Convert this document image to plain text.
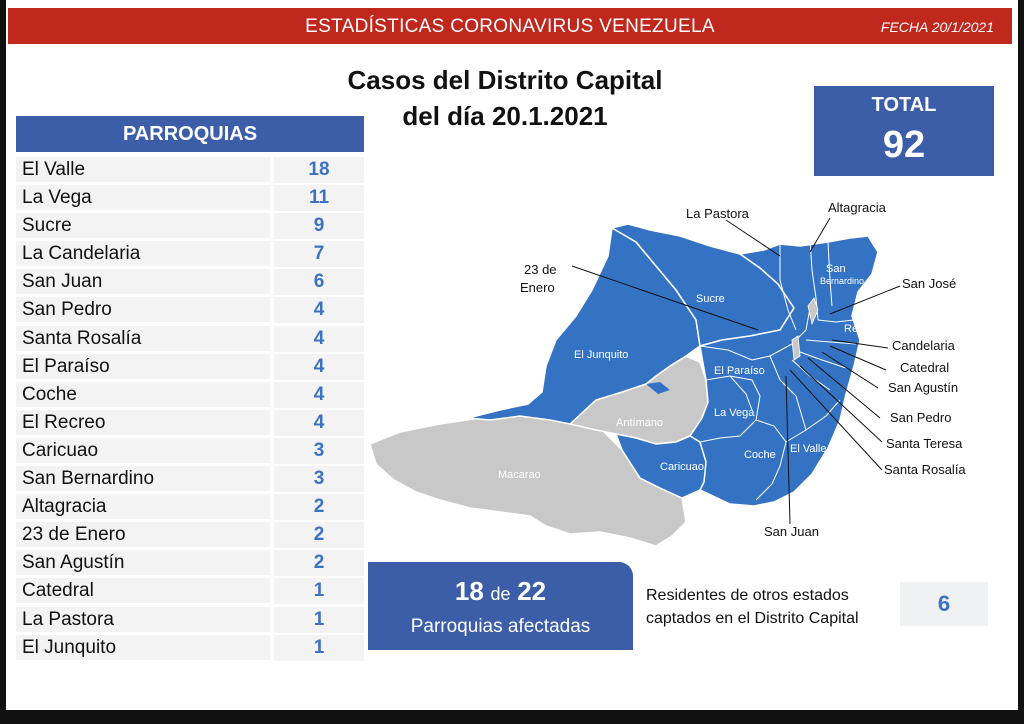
ESTADÍSTICAS CORONAVIRUS VENEZUELA	FECHA 20/1/2021
Casos del Distrito Capital
del día 20.1.2021	TOTAL
92
PARROQUIAS
El Valle	18
La Vega	11
Sucre	9
La Candelaria	7
San Juan	6
San Pedro	4
Santa Rosalía	4
El Paraíso	4
Coche	4
El Recreo	4
Caricuao	3
San Bernardino	3
Altagracia	2
23 de Enero	2
San Agustín	2
Catedral	1
La Pastora	1
El Junquito	1
Sucre
El Junquito
Antímano
Macarao
El Paraíso
La Vega
Caricuao
Coche El Valle
San
Bernardino
El
Recreo
La Pastora	Altagracia
23 de
Enero	San José
Candelaria
Catedral
San Agustín
San Pedro
Santa Teresa
Santa Rosalía
San Juan
18 de 22
Parroquias afectadas
Residentes de otros estados
captados en el Distrito Capital
6
